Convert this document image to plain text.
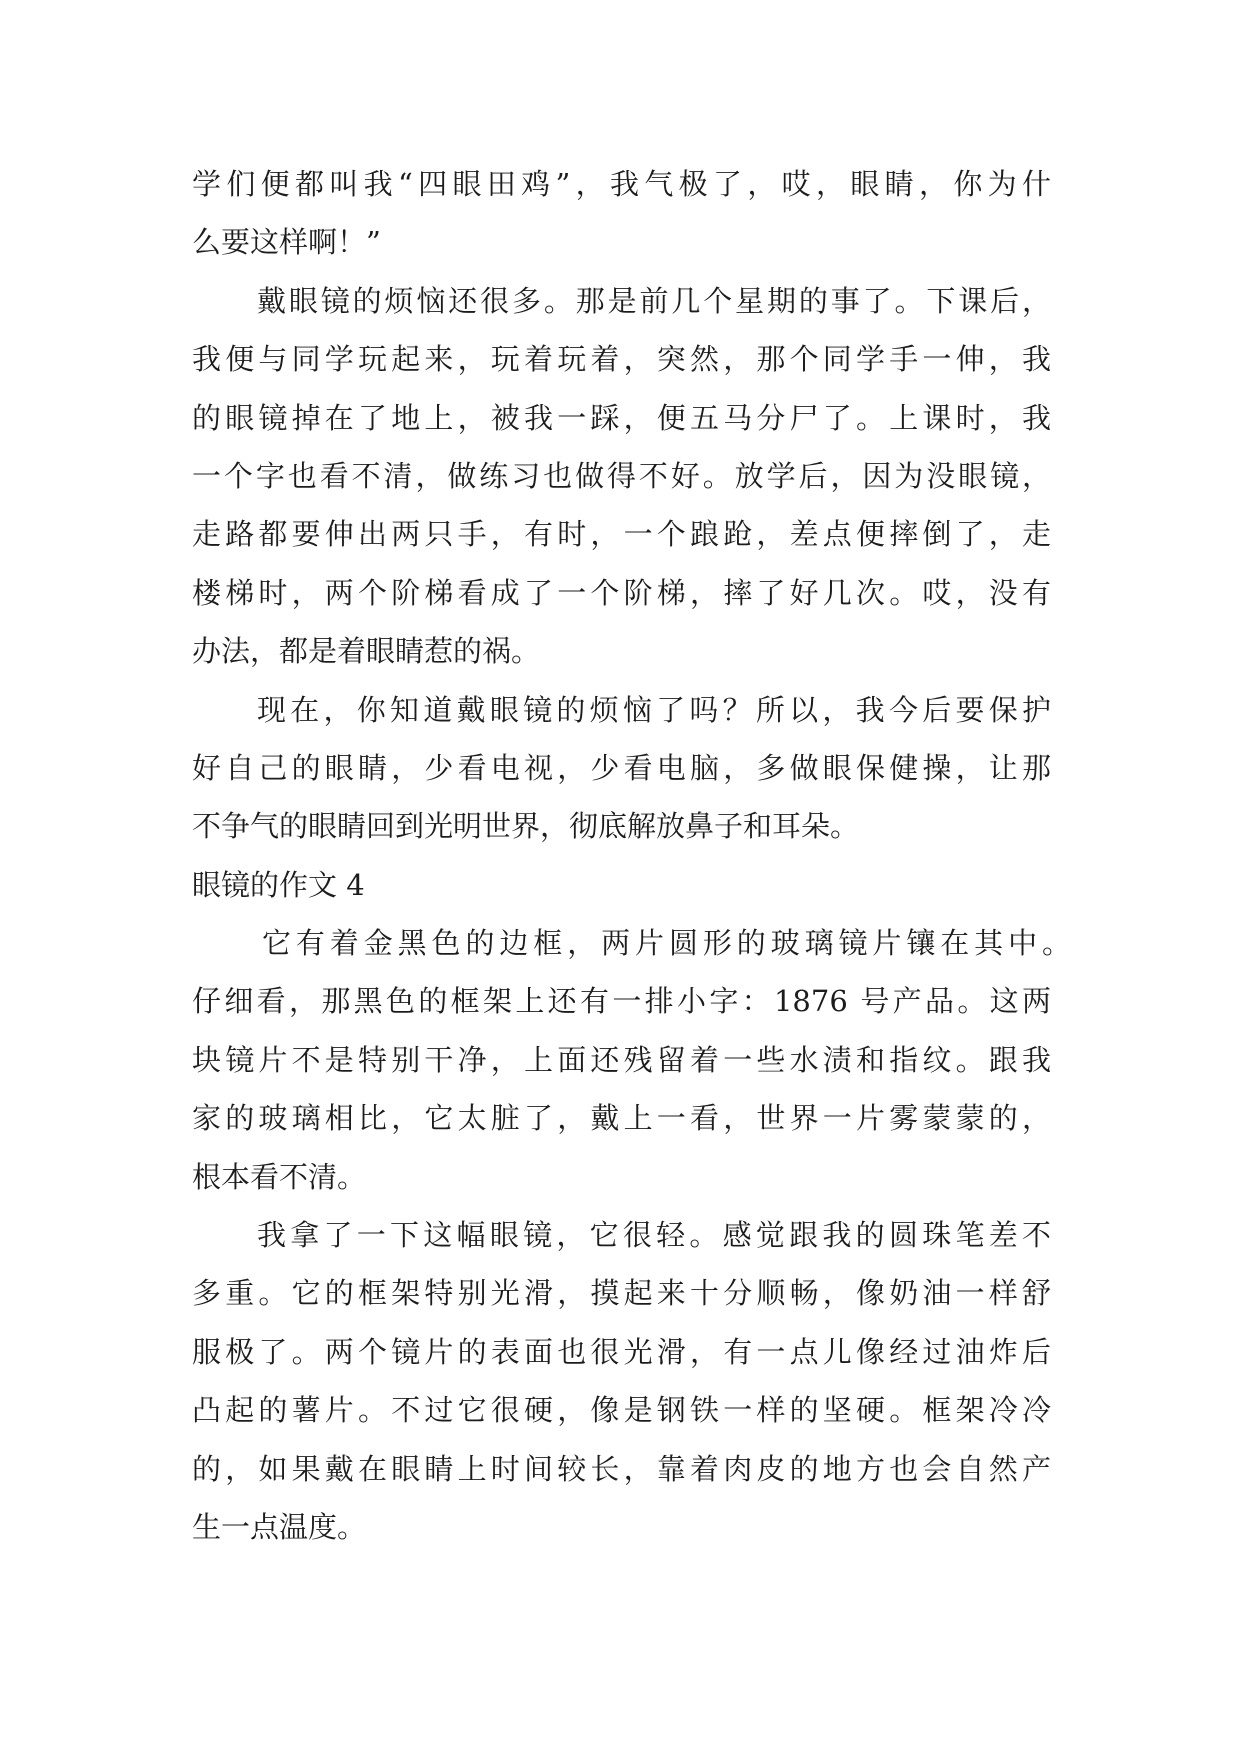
学们便都叫我“四眼田鸡”，我气极了，哎，眼睛，你为什
么要这样啊！”
戴眼镜的烦恼还很多。那是前几个星期的事了。下课后，
我便与同学玩起来，玩着玩着，突然，那个同学手一伸，我
的眼镜掉在了地上，被我一踩，便五马分尸了。上课时，我
一个字也看不清，做练习也做得不好。放学后，因为没眼镜，
走路都要伸出两只手，有时，一个踉跄，差点便摔倒了，走
楼梯时，两个阶梯看成了一个阶梯，摔了好几次。哎，没有
办法，都是着眼睛惹的祸。
现在，你知道戴眼镜的烦恼了吗？所以，我今后要保护
好自己的眼睛，少看电视，少看电脑，多做眼保健操，让那
不争气的眼睛回到光明世界，彻底解放鼻子和耳朵。
眼镜的作文 4
它有着金黑色的边框，两片圆形的玻璃镜片镶在其中。
仔细看，那黑色的框架上还有一排小字：1876 号产品。这两
块镜片不是特别干净，上面还残留着一些水渍和指纹。跟我
家的玻璃相比，它太脏了，戴上一看，世界一片雾蒙蒙的，
根本看不清。
我拿了一下这幅眼镜，它很轻。感觉跟我的圆珠笔差不
多重。它的框架特别光滑，摸起来十分顺畅，像奶油一样舒
服极了。两个镜片的表面也很光滑，有一点儿像经过油炸后
凸起的薯片。不过它很硬，像是钢铁一样的坚硬。框架冷冷
的，如果戴在眼睛上时间较长，靠着肉皮的地方也会自然产
生一点温度。
